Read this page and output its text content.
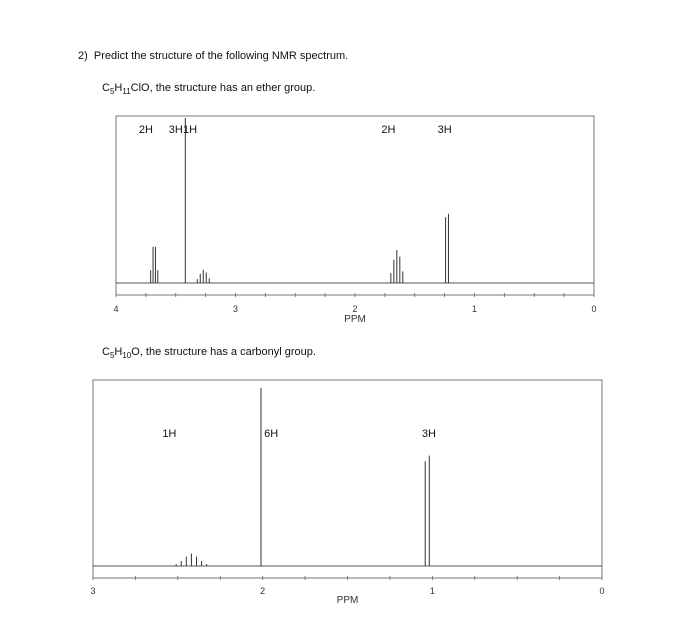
2) Predict the structure of the following NMR spectrum.
$C_5H_{11}ClO$, the structure has an ether group.
$C_5H_{10}O$, the structure has a carbonyl group.
4	3	2	1	0
PPM
2H 3H 1H	2H	3H
3	2	1	0
PPM
1H	6H	3H
